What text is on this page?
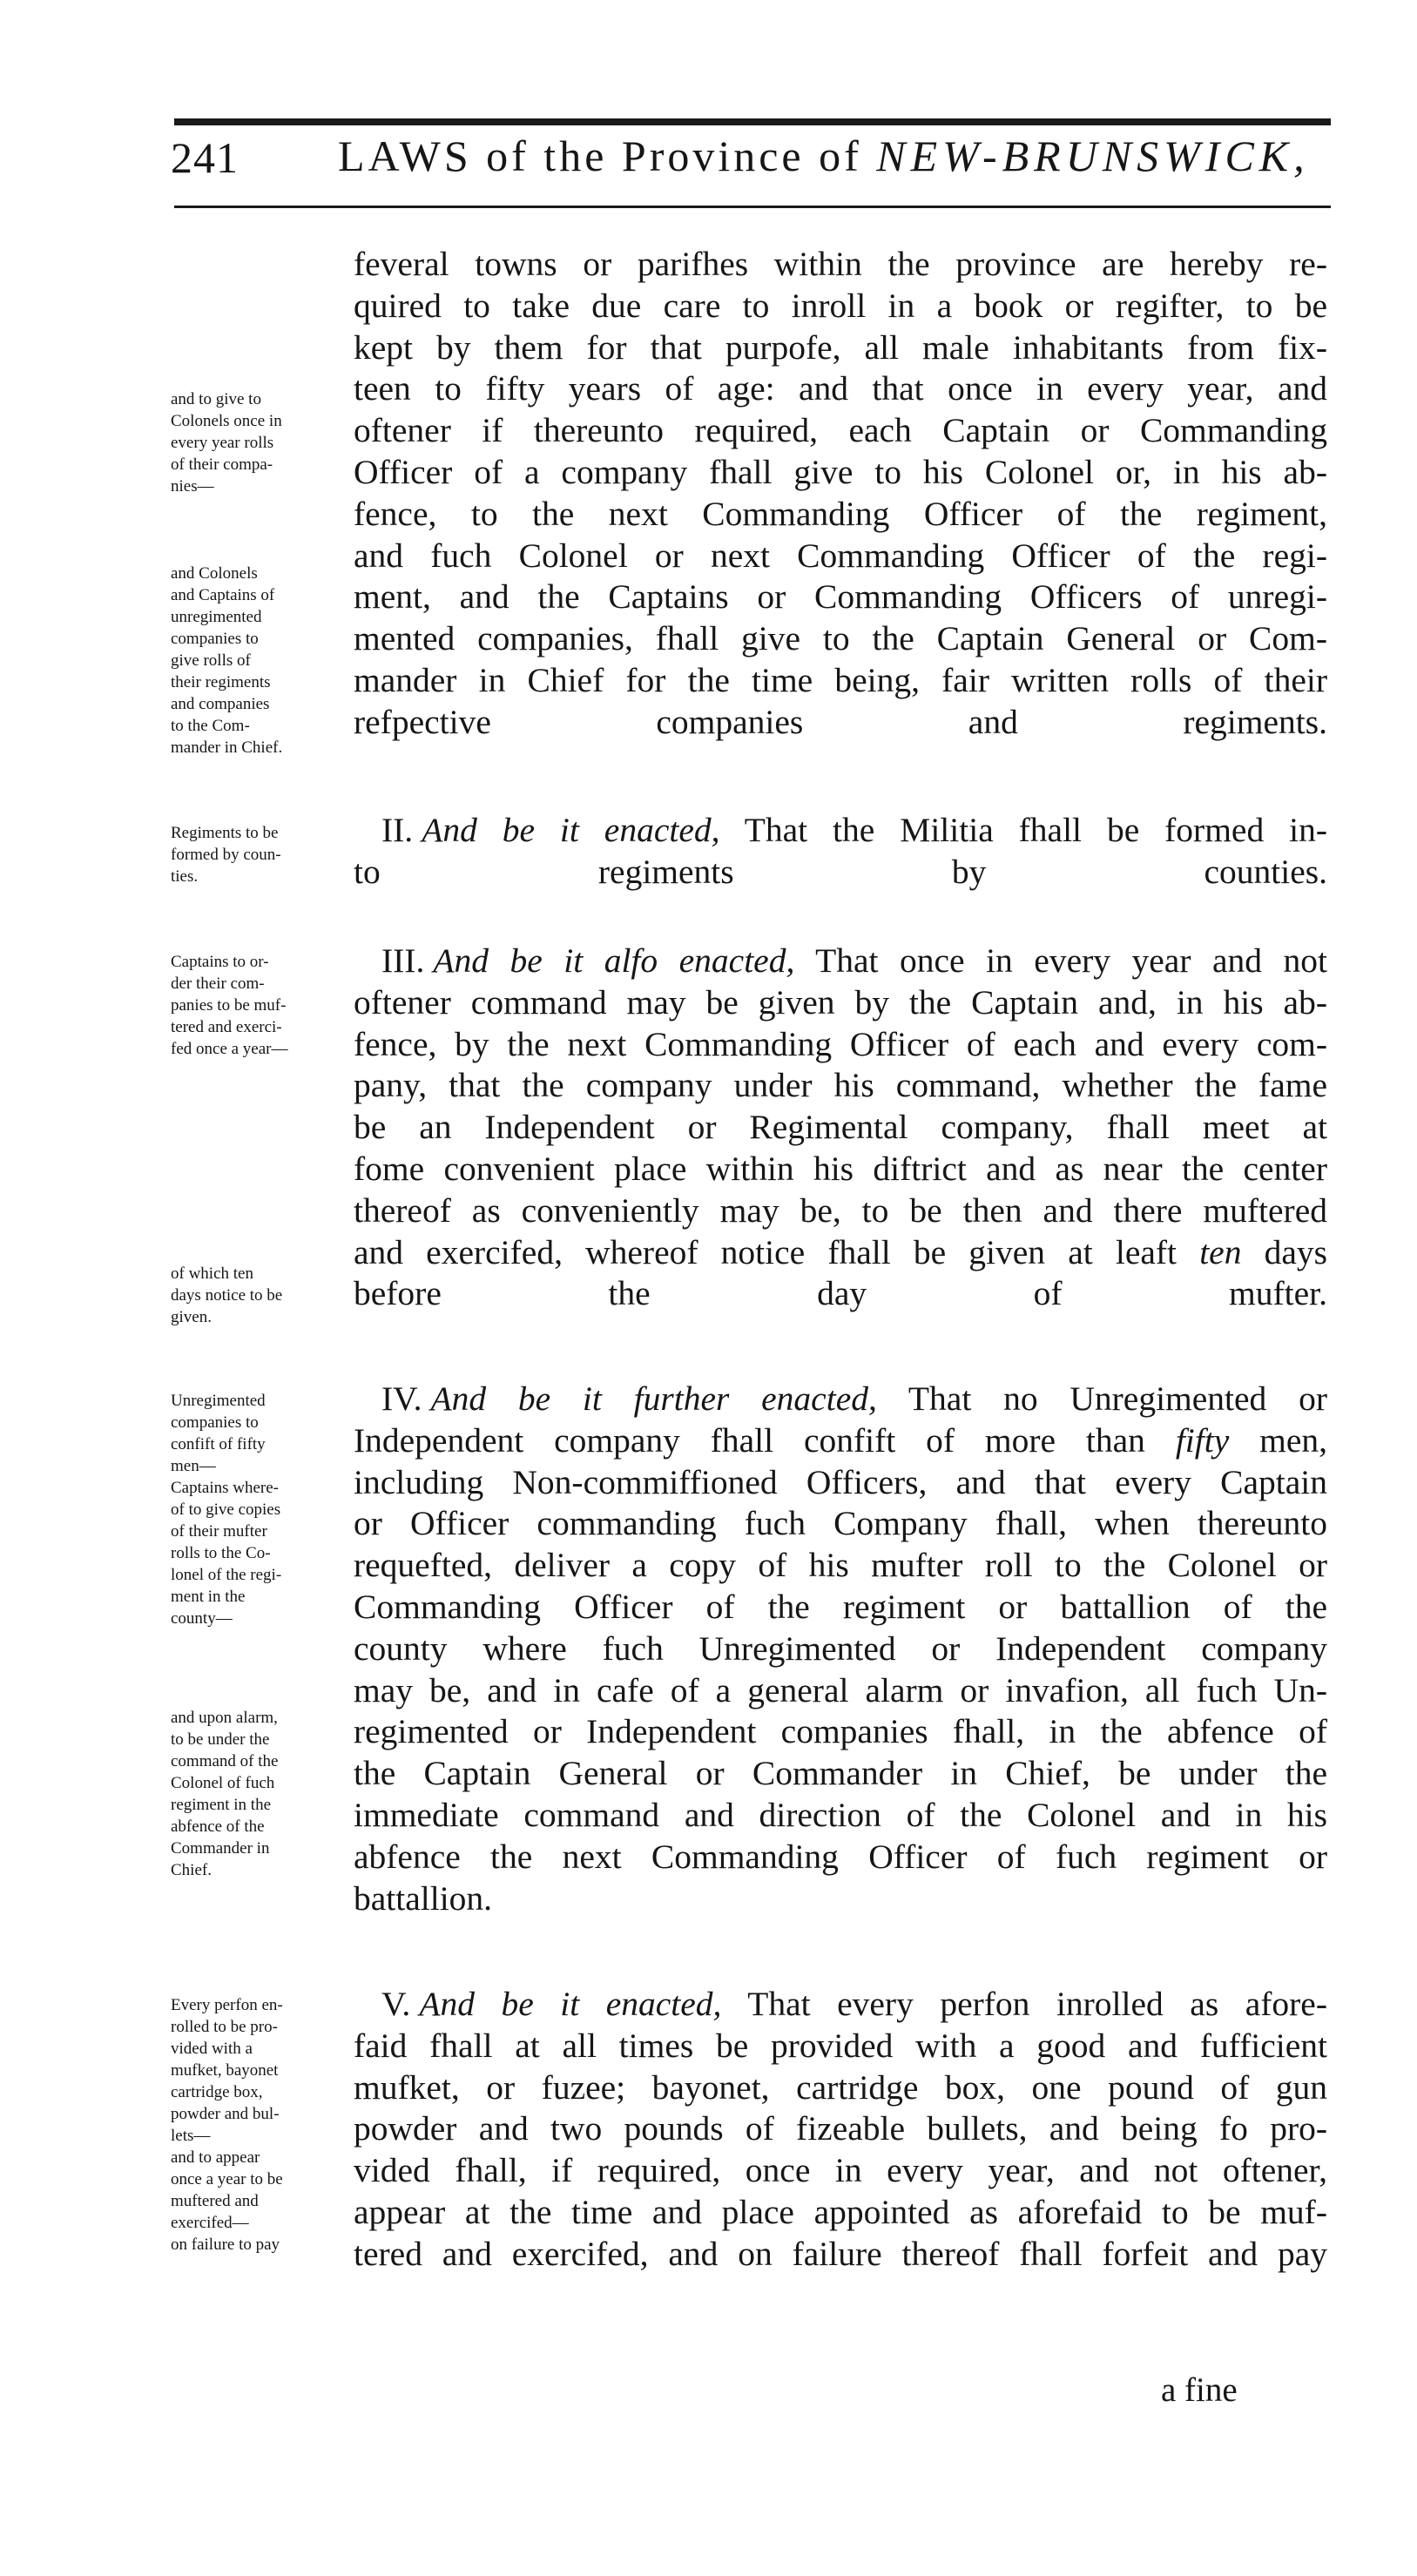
241 LAWS of the Province of NEW-BRUNSWICK,
and to give to
Colonels once in
every year rolls
of their compa-
nies—
and Colonels
and Captains of
unregimented
companies to
give rolls of
their regiments
and companies
to the Com-
mander in Chief.
Regiments to be
formed by coun-
ties.
Captains to or-
der their com-
panies to be muf-
tered and exerci-
fed once a year—
of which ten
days notice to be
given.
Unregimented
companies to
confift of fifty
men—
Captains where-
of to give copies
of their mufter
rolls to the Co-
lonel of the regi-
ment in the
county—
and upon alarm,
to be under the
command of the
Colonel of fuch
regiment in the
abfence of the
Commander in
Chief.
Every perfon en-
rolled to be pro-
vided with a
mufket, bayonet
cartridge box,
powder and bul-
lets—
and to appear
once a year to be
muftered and
exercifed—
on failure to pay
feveral towns or parifhes within the province are hereby re-
quired to take due care to inroll in a book or regifter, to be
kept by them for that purpofe, all male inhabitants from fix-
teen to fifty years of age: and that once in every year, and
oftener if thereunto required, each Captain or Commanding
Officer of a company fhall give to his Colonel or, in his ab-
fence, to the next Commanding Officer of the regiment,
and fuch Colonel or next Commanding Officer of the regi-
ment, and the Captains or Commanding Officers of unregi-
mented companies, fhall give to the Captain General or Com-
mander in Chief for the time being, fair written rolls of their
refpective companies and regiments.
II. And be it enacted, That the Militia fhall be formed in-
to regiments by counties.
III. And be it alfo enacted, That once in every year and not
oftener command may be given by the Captain and, in his ab-
fence, by the next Commanding Officer of each and every com-
pany, that the company under his command, whether the fame
be an Independent or Regimental company, fhall meet at
fome convenient place within his diftrict and as near the center
thereof as conveniently may be, to be then and there muftered
and exercifed, whereof notice fhall be given at leaft ten days
before the day of mufter.
IV. And be it further enacted, That no Unregimented or
Independent company fhall confift of more than fifty men,
including Non-commiffioned Officers, and that every Captain
or Officer commanding fuch Company fhall, when thereunto
requefted, deliver a copy of his mufter roll to the Colonel or
Commanding Officer of the regiment or battallion of the
county where fuch Unregimented or Independent company
may be, and in cafe of a general alarm or invafion, all fuch Un-
regimented or Independent companies fhall, in the abfence of
the Captain General or Commander in Chief, be under the
immediate command and direction of the Colonel and in his
abfence the next Commanding Officer of fuch regiment or
battallion.
V. And be it enacted, That every perfon inrolled as afore-
faid fhall at all times be provided with a good and fufficient
mufket, or fuzee; bayonet, cartridge box, one pound of gun
powder and two pounds of fizeable bullets, and being fo pro-
vided fhall, if required, once in every year, and not oftener,
appear at the time and place appointed as aforefaid to be muf-
tered and exercifed, and on failure thereof fhall forfeit and pay
a fine
